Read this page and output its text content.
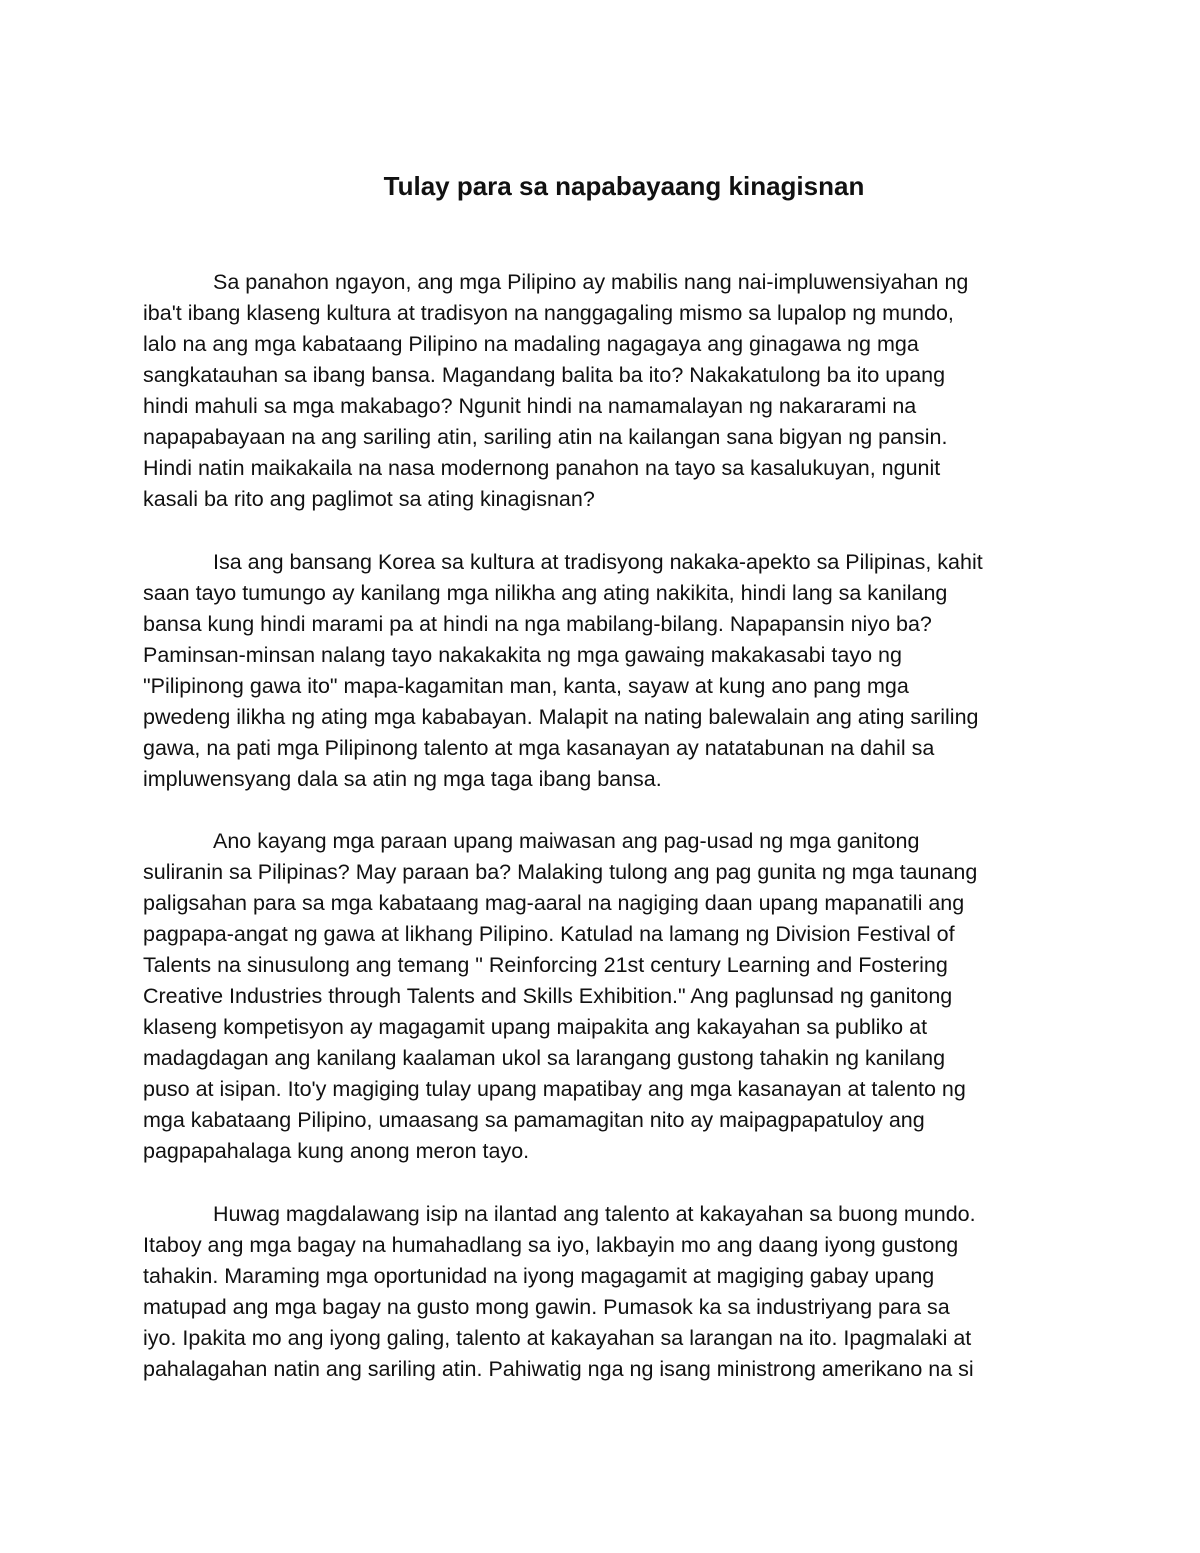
Tulay para sa napabayaang kinagisnan

Sa panahon ngayon, ang mga Pilipino ay mabilis nang nai-impluwensiyahan ng
iba't ibang klaseng kultura at tradisyon na nanggagaling mismo sa lupalop ng mundo,
lalo na ang mga kabataang Pilipino na madaling nagagaya ang ginagawa ng mga
sangkatauhan sa ibang bansa. Magandang balita ba ito? Nakakatulong ba ito upang
hindi mahuli sa mga makabago? Ngunit hindi na namamalayan ng nakararami na
napapabayaan na ang sariling atin, sariling atin na kailangan sana bigyan ng pansin.
Hindi natin maikakaila na nasa modernong panahon na tayo sa kasalukuyan, ngunit
kasali ba rito ang paglimot sa ating kinagisnan?

Isa ang bansang Korea sa kultura at tradisyong nakaka-apekto sa Pilipinas, kahit
saan tayo tumungo ay kanilang mga nilikha ang ating nakikita, hindi lang sa kanilang
bansa kung hindi marami pa at hindi na nga mabilang-bilang. Napapansin niyo ba?
Paminsan-minsan nalang tayo nakakakita ng mga gawaing makakasabi tayo ng
"Pilipinong gawa ito" mapa-kagamitan man, kanta, sayaw at kung ano pang mga
pwedeng ilikha ng ating mga kababayan. Malapit na nating balewalain ang ating sariling
gawa, na pati mga Pilipinong talento at mga kasanayan ay natatabunan na dahil sa
impluwensyang dala sa atin ng mga taga ibang bansa.

Ano kayang mga paraan upang maiwasan ang pag-usad ng mga ganitong
suliranin sa Pilipinas? May paraan ba? Malaking tulong ang pag gunita ng mga taunang
paligsahan para sa mga kabataang mag-aaral na nagiging daan upang mapanatili ang
pagpapa-angat ng gawa at likhang Pilipino. Katulad na lamang ng Division Festival of
Talents na sinusulong ang temang " Reinforcing 21st century Learning and Fostering
Creative Industries through Talents and Skills Exhibition." Ang paglunsad ng ganitong
klaseng kompetisyon ay magagamit upang maipakita ang kakayahan sa publiko at
madagdagan ang kanilang kaalaman ukol sa larangang gustong tahakin ng kanilang
puso at isipan. Ito'y magiging tulay upang mapatibay ang mga kasanayan at talento ng
mga kabataang Pilipino, umaasang sa pamamagitan nito ay maipagpapatuloy ang
pagpapahalaga kung anong meron tayo.

Huwag magdalawang isip na ilantad ang talento at kakayahan sa buong mundo.
Itaboy ang mga bagay na humahadlang sa iyo, lakbayin mo ang daang iyong gustong
tahakin. Maraming mga oportunidad na iyong magagamit at magiging gabay upang
matupad ang mga bagay na gusto mong gawin. Pumasok ka sa industriyang para sa
iyo. Ipakita mo ang iyong galing, talento at kakayahan sa larangan na ito. Ipagmalaki at
pahalagahan natin ang sariling atin. Pahiwatig nga ng isang ministrong amerikano na si
